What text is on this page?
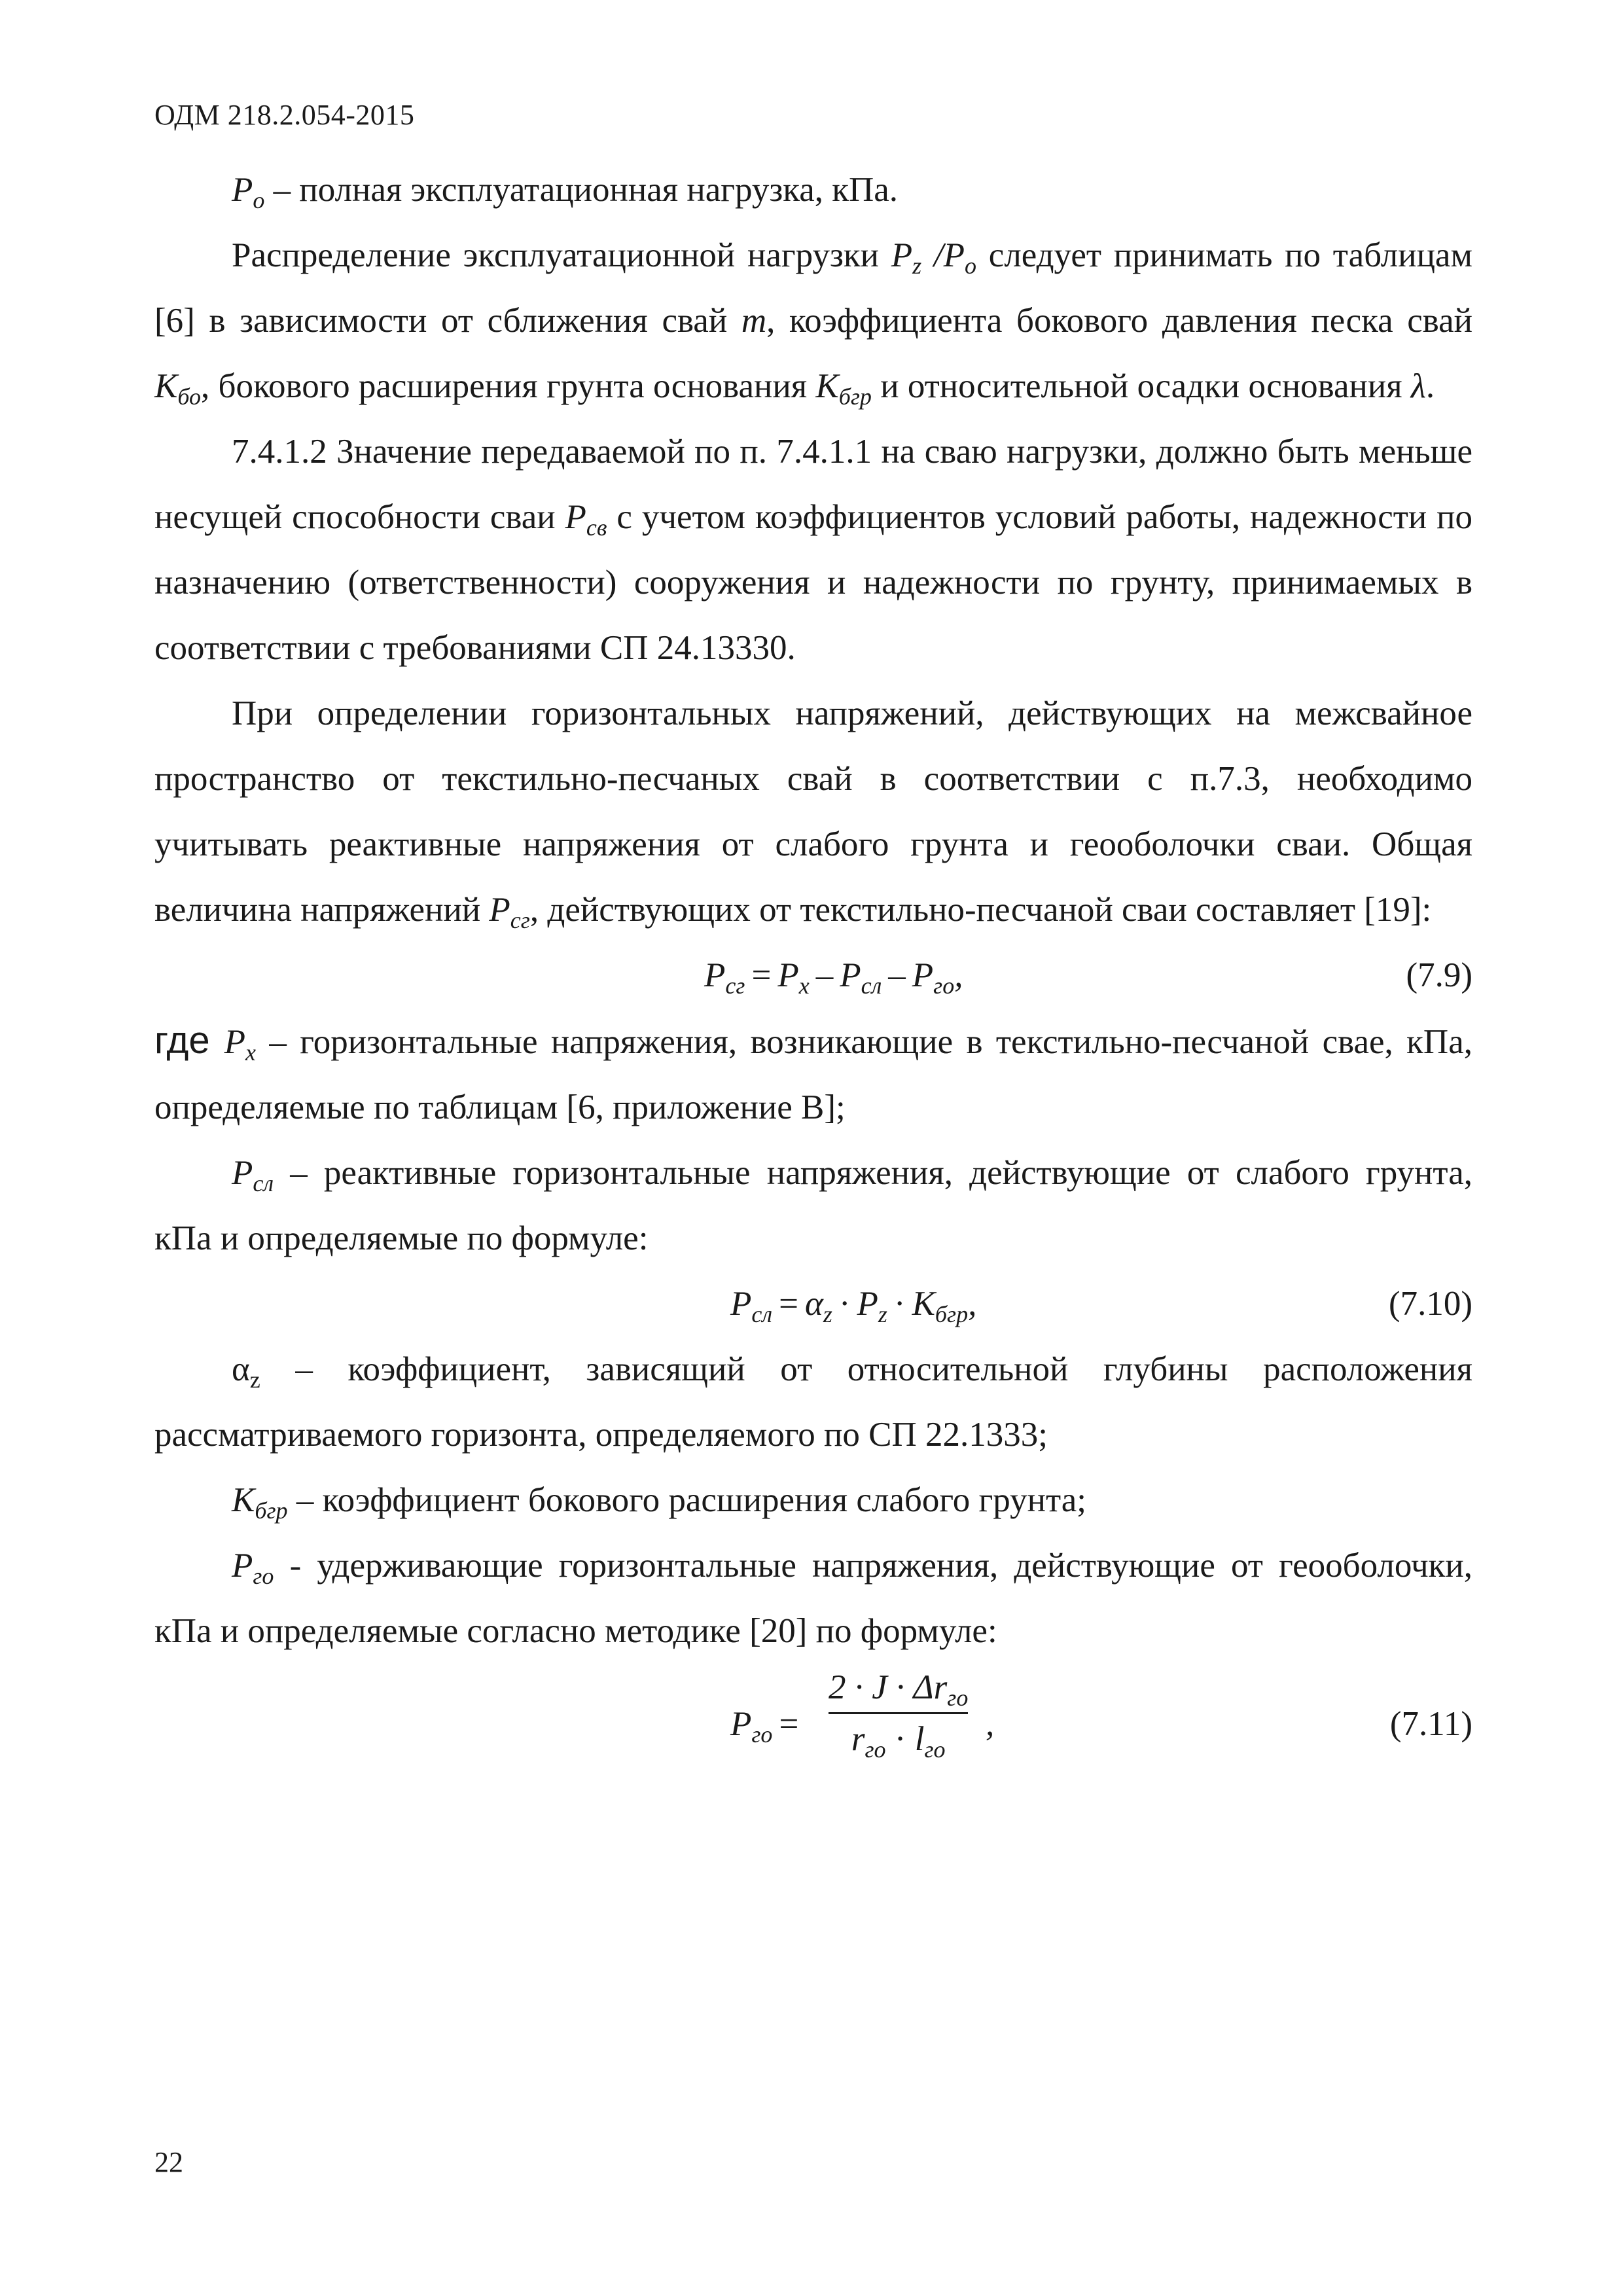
ОДМ 218.2.054-2015

$P_o$ – полная эксплуатационная нагрузка, кПа.

Распределение эксплуатационной нагрузки $P_z$ $/P_o$ следует принимать по таблицам [6] в зависимости от сближения свай m, коэффициента бокового давления песка свай $K_{бо}$, бокового расширения грунта основания $K_{бгр}$ и относительной осадки основания λ.

7.4.1.2 Значение передаваемой по п. 7.4.1.1 на сваю нагрузки, должно быть меньше несущей способности сваи $P_{св}$ с учетом коэффициентов условий работы, надежности по назначению (ответственности) сооружения и надежности по грунту, принимаемых в соответствии с требованиями СП 24.13330.

При определении горизонтальных напряжений, действующих на межсвайное пространство от текстильно-песчаных свай в соответствии с п.7.3, необходимо учитывать реактивные напряжения от слабого грунта и геооболочки сваи. Общая величина напряжений $P_{сг}$, действующих от текстильно-песчаной сваи составляет [19]:

$P_{сг} = P_x - P_{сл} - P_{го}$,	(7.9)

где $P_x$ – горизонтальные напряжения, возникающие в текстильно-песчаной свае, кПа, определяемые по таблицам [6, приложение В];

$P_{сл}$ – реактивные горизонтальные напряжения, действующие от слабого грунта, кПа и определяемые по формуле:

$P_{сл} = \alpha_z \cdot P_z \cdot K_{бгр}$,	(7.10)

$\alpha_z$ – коэффициент, зависящий от относительной глубины расположения рассматриваемого горизонта, определяемого по СП 22.1333;

$K_{бгр}$ – коэффициент бокового расширения слабого грунта;

$P_{го}$ - удерживающие горизонтальные напряжения, действующие от геооболочки, кПа и определяемые согласно методике [20] по формуле:

$P_{го}$ =
$2 \cdot J \cdot \Delta r_{го}$
$r_{го} \cdot l_{го}$
,	(7.11)
22
